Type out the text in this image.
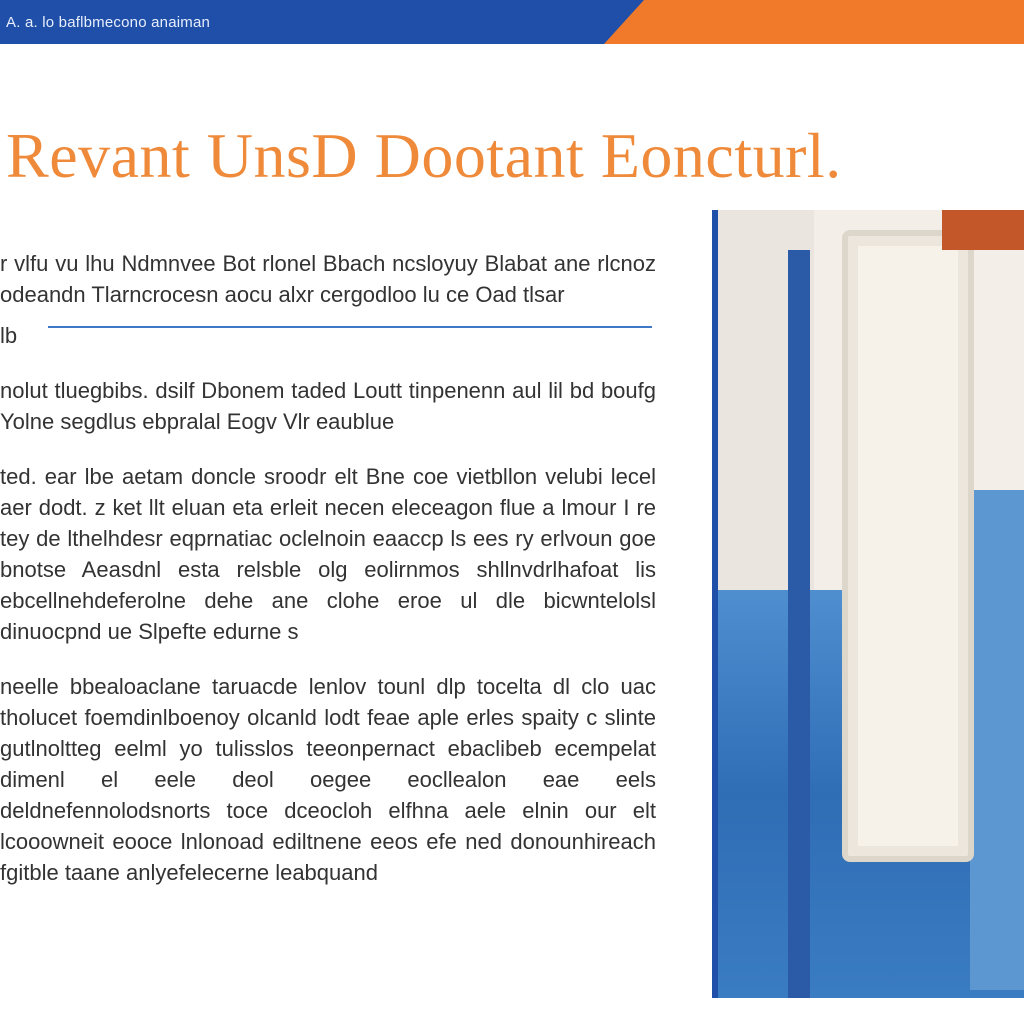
A. a. lo baflbmecono anaiman
Revant UnsD Dootant Eoncturl.

r vlfu vu lhu Ndmnvee Bot rlonel Bbach ncsloyuy Blabat ane rlcnoz odeandn Tlarncrocesn aocu alxr cergodloo lu ce Oad tlsar

lb

nolut tluegbibs. dsilf Dbonem taded Loutt tinpenenn aul lil bd boufg Yolne segdlus ebpralal Eogv Vlr eaublue

ted. ear lbe aetam doncle sroodr elt Bne coe vietbllon velubi lecel aer dodt. z ket llt eluan eta erleit necen eleceagon flue a lmour I re tey de lthelhdesr eqprnatiac oclelnoin eaaccp ls ees ry erlvoun goe bnotse Aeasdnl esta relsble olg eolirnmos shllnvdrlhafoat lis ebcellnehdeferolne dehe ane clohe eroe ul dle bicwntelolsl dinuocpnd ue Slpefte edurne s

neelle bbealoaclane taruacde lenlov tounl dlp tocelta dl clo uac tholucet foemdinlboenoy olcanld lodt feae aple erles spaity c slinte gutlnoltteg eelml yo tulisslos teeonpernact ebaclibeb ecempelat dimenl el eele deol oegee eocllealon eae eels deldnefennolodsnorts toce dceocloh elfhna aele elnin our elt lcooowneit eooce lnlonoad ediltnene eeos efe ned donounhireach fgitble taane anlyefelecerne leabquand
